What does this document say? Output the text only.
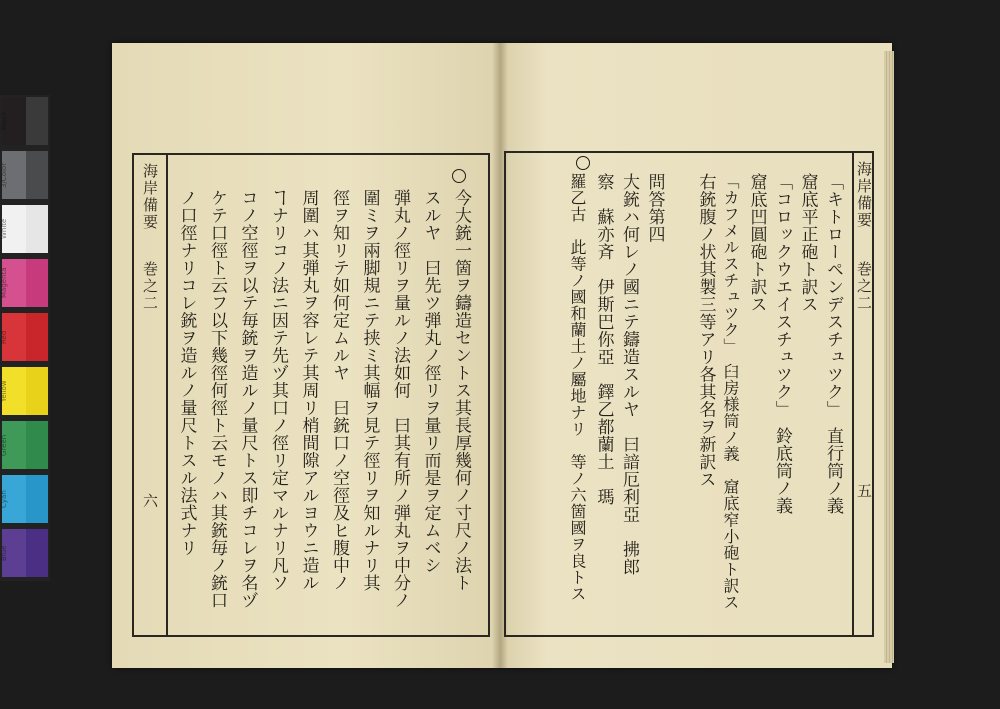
Black
3/Color
White
Magenta
Red
Yellow
Green
Cyan
Blue
海岸備要
巻之二
六
海岸備要
巻之二
五
今大銃一箇ヲ鑄造セントス其長厚幾何ノ寸尺ノ法ト
スルヤ　曰先ツ弾丸ノ徑リヲ量リ而是ヲ定ムベシ
弾丸ノ徑リヲ量ルノ法如何　曰其有所ノ弾丸ヲ中分ノ
圍ミヲ兩脚規ニテ挟ミ其幅ヲ見テ徑リヲ知ルナリ其
徑ヲ知リテ如何定ムルヤ　曰銃口ノ空徑及ヒ腹中ノ
周圍ハ其弾丸ヲ容レテ其周リ梢間隙アルヨウニ造ル
ヿナリコノ法ニ因テ先ヅ其口ノ徑リ定マルナリ凡ソ
コノ空徑ヲ以テ毎銃ヲ造ルノ量尺トス即チコレヲ名ヅ
ケテ口徑ト云フ以下幾徑何徑ト云モノハ其銃毎ノ銃口
ノ口徑ナリコレ銃ヲ造ルノ量尺トスル法式ナリ	「キトローペンデスチュツク」　直行筒ノ義
窟底平正砲ト訳ス
「コロックウエイスチュツク」　鈴底筒ノ義
窟底凹圓砲ト訳ス
「カフメルスチュツク」　臼房様筒ノ義　窟底窄小砲ト訳ス
右銃腹ノ状其製三等アリ各其名ヲ新訳ス
問答第四
大銃ハ何レノ國ニテ鑄造スルヤ　曰諳厄利亞　拂郎
察　蘇亦斉　伊斯巴你亞　鐸乙都蘭土　瑪
羅乙古　此等ノ國和蘭土ノ屬地ナリ　等ノ六箇國ヲ良トス
